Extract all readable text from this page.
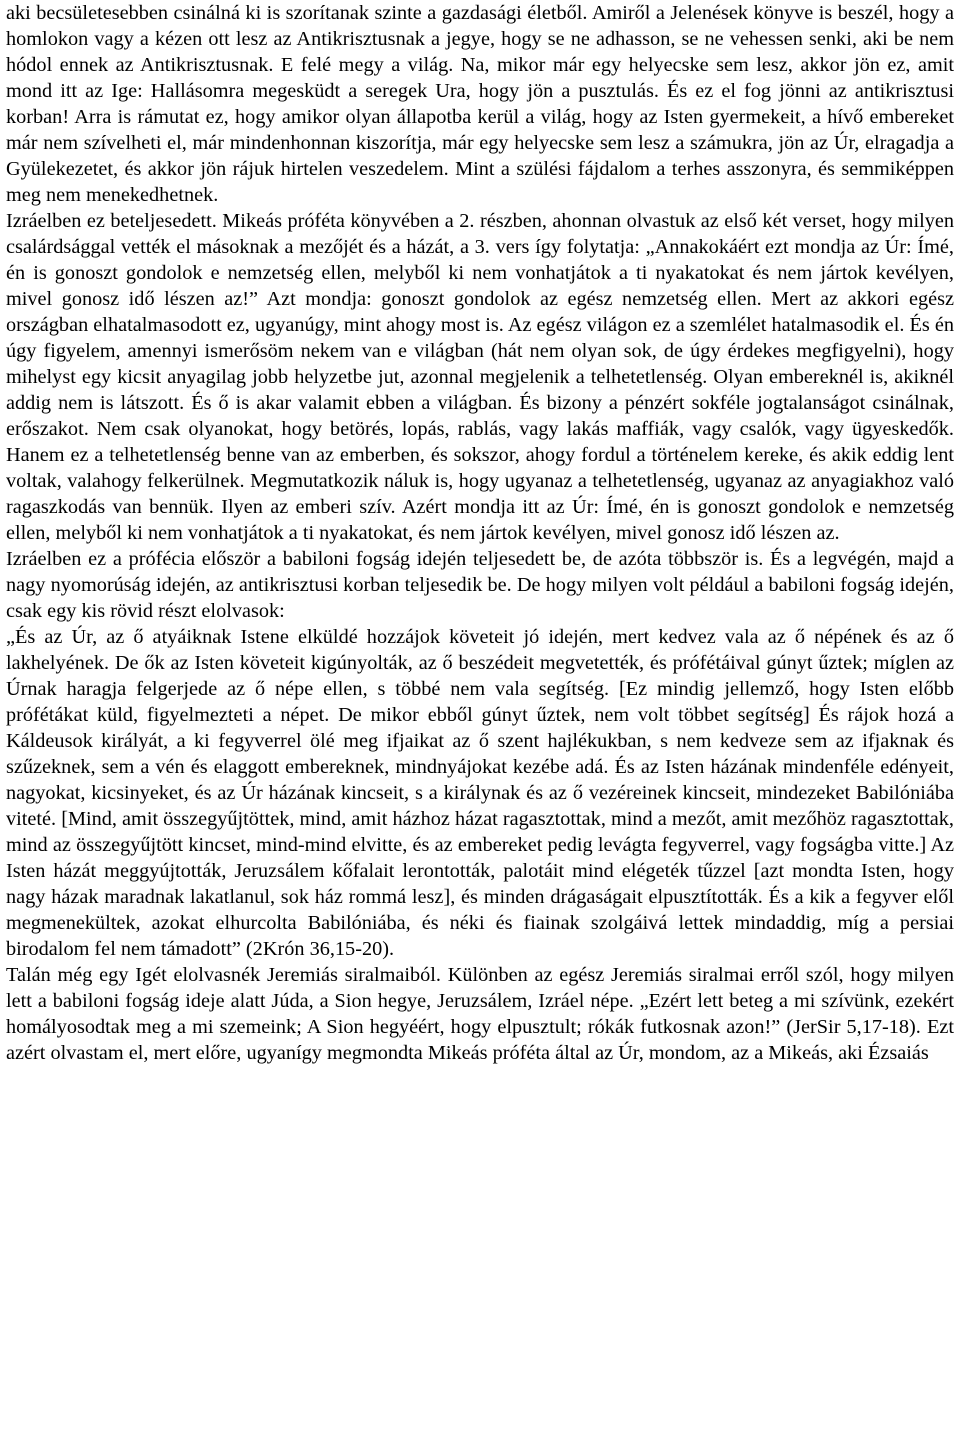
aki becsületesebben csinálná ki is szorítanak szinte a gazdasági életből. Amiről a Jelenések könyve is beszél, hogy a homlokon vagy a kézen ott lesz az Antikrisztusnak a jegye, hogy se ne adhasson, se ne vehessen senki, aki be nem hódol ennek az Antikrisztusnak. E felé megy a világ. Na, mikor már egy helyecske sem lesz, akkor jön ez, amit mond itt az Ige: Hallásomra megesküdt a seregek Ura, hogy jön a pusztulás. És ez el fog jönni az antikrisztusi korban! Arra is rámutat ez, hogy amikor olyan állapotba kerül a világ, hogy az Isten gyermekeit, a hívő embereket már nem szívelheti el, már mindenhonnan kiszorítja, már egy helyecske sem lesz a számukra, jön az Úr, elragadja a Gyülekezetet, és akkor jön rájuk hirtelen veszedelem. Mint a szülési fájdalom a terhes asszonyra, és semmiképpen meg nem menekedhetnek.

Izráelben ez beteljesedett. Mikeás próféta könyvében a 2. részben, ahonnan olvastuk az első két verset, hogy milyen csalárdsággal vették el másoknak a mezőjét és a házát, a 3. vers így folytatja: „Annakokáért ezt mondja az Úr: Ímé, én is gonoszt gondolok e nemzetség ellen, melyből ki nem vonhatjátok a ti nyakatokat és nem jártok kevélyen, mivel gonosz idő lészen az!” Azt mondja: gonoszt gondolok az egész nemzetség ellen. Mert az akkori egész országban elhatalmasodott ez, ugyanúgy, mint ahogy most is. Az egész világon ez a szemlélet hatalmasodik el. És én úgy figyelem, amennyi ismerősöm nekem van e világban (hát nem olyan sok, de úgy érdekes megfigyelni), hogy mihelyst egy kicsit anyagilag jobb helyzetbe jut, azonnal megjelenik a telhetetlenség. Olyan embereknél is, akiknél addig nem is látszott. És ő is akar valamit ebben a világban. És bizony a pénzért sokféle jogtalanságot csinálnak, erőszakot. Nem csak olyanokat, hogy betörés, lopás, rablás, vagy lakás maffiák, vagy csalók, vagy ügyeskedők. Hanem ez a telhetetlenség benne van az emberben, és sokszor, ahogy fordul a történelem kereke, és akik eddig lent voltak, valahogy felkerülnek. Megmutatkozik náluk is, hogy ugyanaz a telhetetlenség, ugyanaz az anyagiakhoz való ragaszkodás van bennük. Ilyen az emberi szív. Azért mondja itt az Úr: Ímé, én is gonoszt gondolok e nemzetség ellen, melyből ki nem vonhatjátok a ti nyakatokat, és nem jártok kevélyen, mivel gonosz idő lészen az.

Izráelben ez a prófécia először a babiloni fogság idején teljesedett be, de azóta többször is. És a legvégén, majd a nagy nyomorúság idején, az antikrisztusi korban teljesedik be. De hogy milyen volt például a babiloni fogság idején, csak egy kis rövid részt elolvasok:

„És az Úr, az ő atyáiknak Istene elküldé hozzájok követeit jó idején, mert kedvez vala az ő népének és az ő lakhelyének. De ők az Isten követeit kigúnyolták, az ő beszédeit megvetették, és prófétáival gúnyt űztek; míglen az Úrnak haragja felgerjede az ő népe ellen, s többé nem vala segítség. [Ez mindig jellemző, hogy Isten előbb prófétákat küld, figyelmezteti a népet. De mikor ebből gúnyt űztek, nem volt többet segítség] És rájok hozá a Káldeusok királyát, a ki fegyverrel ölé meg ifjaikat az ő szent hajlékukban, s nem kedveze sem az ifjaknak és szűzeknek, sem a vén és elaggott embereknek, mindnyájokat kezébe adá. És az Isten házának mindenféle edényeit, nagyokat, kicsinyeket, és az Úr házának kincseit, s a királynak és az ő vezéreinek kincseit, mindezeket Babilóniába viteté. [Mind, amit összegyűjtöttek, mind, amit házhoz házat ragasztottak, mind a mezőt, amit mezőhöz ragasztottak, mind az összegyűjtött kincset, mind-mind elvitte, és az embereket pedig levágta fegyverrel, vagy fogságba vitte.] Az Isten házát meggyújtották, Jeruzsálem kőfalait lerontották, palotáit mind elégeték tűzzel [azt mondta Isten, hogy nagy házak maradnak lakatlanul, sok ház rommá lesz], és minden drágaságait elpusztították. És a kik a fegyver elől megmenekültek, azokat elhurcolta Babilóniába, és néki és fiainak szolgáivá lettek mindaddig, míg a persiai birodalom fel nem támadott” (2Krón 36,15-20).

Talán még egy Igét elolvasnék Jeremiás siralmaiból. Különben az egész Jeremiás siralmai erről szól, hogy milyen lett a babiloni fogság ideje alatt Júda, a Sion hegye, Jeruzsálem, Izráel népe. „Ezért lett beteg a mi szívünk, ezekért homályosodtak meg a mi szemeink; A Sion hegyéért, hogy elpusztult; rókák futkosnak azon!” (JerSir 5,17-18). Ezt azért olvastam el, mert előre, ugyanígy megmondta Mikeás próféta által az Úr, mondom, az a Mikeás, aki Ézsaiás
